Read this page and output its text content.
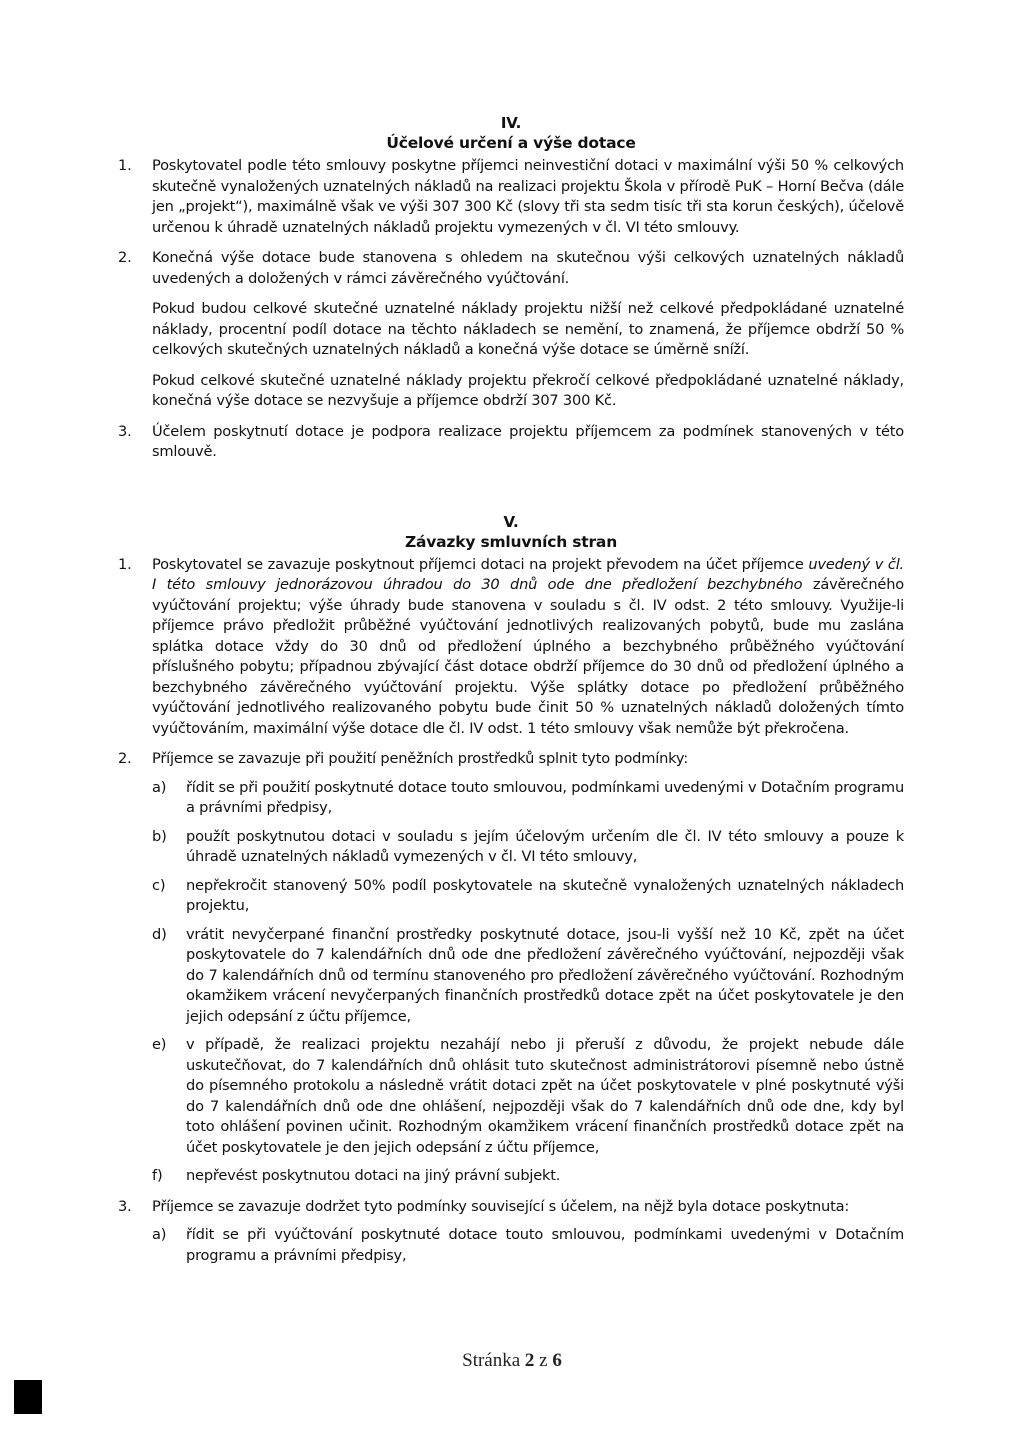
IV.
Účelové určení a výše dotace
1. Poskytovatel podle této smlouvy poskytne příjemci neinvestiční dotaci v maximální výši 50 % celkových skutečně vynaložených uznatelných nákladů na realizaci projektu Škola v přírodě PuK – Horní Bečva (dále jen „projekt“), maximálně však ve výši 307 300 Kč (slovy tři sta sedm tisíc tři sta korun českých), účelově určenou k úhradě uznatelných nákladů projektu vymezených v čl. VI této smlouvy.

2. Konečná výše dotace bude stanovena s ohledem na skutečnou výši celkových uznatelných nákladů uvedených a doložených v rámci závěrečného vyúčtování.

Pokud budou celkové skutečné uznatelné náklady projektu nižší než celkové předpokládané uznatelné náklady, procentní podíl dotace na těchto nákladech se nemění, to znamená, že příjemce obdrží 50 % celkových skutečných uznatelných nákladů a konečná výše dotace se úměrně sníží.

Pokud celkové skutečné uznatelné náklady projektu překročí celkové předpokládané uznatelné náklady, konečná výše dotace se nezvyšuje a příjemce obdrží 307 300 Kč.

3. Účelem poskytnutí dotace je podpora realizace projektu příjemcem za podmínek stanovených v této smlouvě.

V.
Závazky smluvních stran
1. Poskytovatel se zavazuje poskytnout příjemci dotaci na projekt převodem na účet příjemce uvedený v čl. I této smlouvy jednorázovou úhradou do 30 dnů ode dne předložení bezchybného závěrečného vyúčtování projektu; výše úhrady bude stanovena v souladu s čl. IV odst. 2 této smlouvy. Využije-li příjemce právo předložit průběžné vyúčtování jednotlivých realizovaných pobytů, bude mu zaslána splátka dotace vždy do 30 dnů od předložení úplného a bezchybného průběžného vyúčtování příslušného pobytu; případnou zbývající část dotace obdrží příjemce do 30 dnů od předložení úplného a bezchybného závěrečného vyúčtování projektu. Výše splátky dotace po předložení průběžného vyúčtování jednotlivého realizovaného pobytu bude činit 50 % uznatelných nákladů doložených tímto vyúčtováním, maximální výše dotace dle čl. IV odst. 1 této smlouvy však nemůže být překročena.

2. Příjemce se zavazuje při použití peněžních prostředků splnit tyto podmínky:

a) řídit se při použití poskytnuté dotace touto smlouvou, podmínkami uvedenými v Dotačním programu a právními předpisy,
b) použít poskytnutou dotaci v souladu s jejím účelovým určením dle čl. IV této smlouvy a pouze k úhradě uznatelných nákladů vymezených v čl. VI této smlouvy,
c) nepřekročit stanovený 50% podíl poskytovatele na skutečně vynaložených uznatelných nákladech projektu,
d) vrátit nevyčerpané finanční prostředky poskytnuté dotace, jsou-li vyšší než 10 Kč, zpět na účet poskytovatele do 7 kalendářních dnů ode dne předložení závěrečného vyúčtování, nejpozději však do 7 kalendářních dnů od termínu stanoveného pro předložení závěrečného vyúčtování. Rozhodným okamžikem vrácení nevyčerpaných finančních prostředků dotace zpět na účet poskytovatele je den jejich odepsání z účtu příjemce,
e) v případě, že realizaci projektu nezahájí nebo ji přeruší z důvodu, že projekt nebude dále uskutečňovat, do 7 kalendářních dnů ohlásit tuto skutečnost administrátorovi písemně nebo ústně do písemného protokolu a následně vrátit dotaci zpět na účet poskytovatele v plné poskytnuté výši do 7 kalendářních dnů ode dne ohlášení, nejpozději však do 7 kalendářních dnů ode dne, kdy byl toto ohlášení povinen učinit. Rozhodným okamžikem vrácení finančních prostředků dotace zpět na účet poskytovatele je den jejich odepsání z účtu příjemce,
f) nepřevést poskytnutou dotaci na jiný právní subjekt.
3. Příjemce se zavazuje dodržet tyto podmínky související s účelem, na nějž byla dotace poskytnuta:

a) řídit se při vyúčtování poskytnuté dotace touto smlouvou, podmínkami uvedenými v Dotačním programu a právními předpisy,
Stránka 2 z 6
